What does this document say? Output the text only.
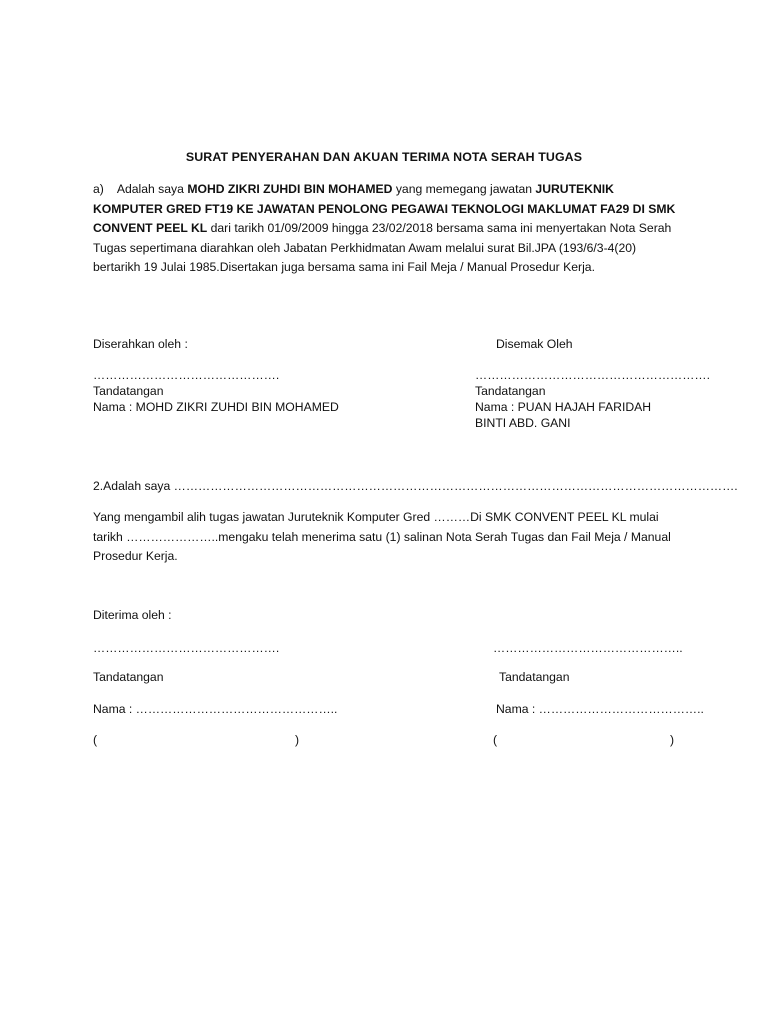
SURAT PENYERAHAN DAN AKUAN TERIMA NOTA SERAH TUGAS
a) Adalah saya MOHD ZIKRI ZUHDI BIN MOHAMED yang memegang jawatan JURUTEKNIK KOMPUTER GRED FT19 KE JAWATAN PENOLONG PEGAWAI TEKNOLOGI MAKLUMAT FA29 DI SMK CONVENT PEEL KL dari tarikh 01/09/2009 hingga 23/02/2018 bersama sama ini menyertakan Nota Serah Tugas sepertimana diarahkan oleh Jabatan Perkhidmatan Awam melalui surat Bil.JPA (193/6/3-4(20) bertarikh 19 Julai 1985.Disertakan juga bersama sama ini Fail Meja / Manual Prosedur Kerja.
Diserahkan oleh :	Disemak Oleh
……………………………………….	………………………………………………….
Tandatangan	Tandatangan
Nama : MOHD ZIKRI ZUHDI BIN MOHAMED	Nama : PUAN HAJAH FARIDAH
BINTI ABD. GANI
2.Adalah saya ………………………………………………………………………………………………………………………….
Yang mengambil alih tugas jawatan Juruteknik Komputer Gred ………Di SMK CONVENT PEEL KL mulai tarikh …………………..mengaku telah menerima satu (1) salinan Nota Serah Tugas dan Fail Meja / Manual Prosedur Kerja.
Diterima oleh :
……………………………………….	………………………………………..
Tandatangan	Tandatangan
Nama : …………………………………………..	Nama : …………………………………..
(	)	(	)
